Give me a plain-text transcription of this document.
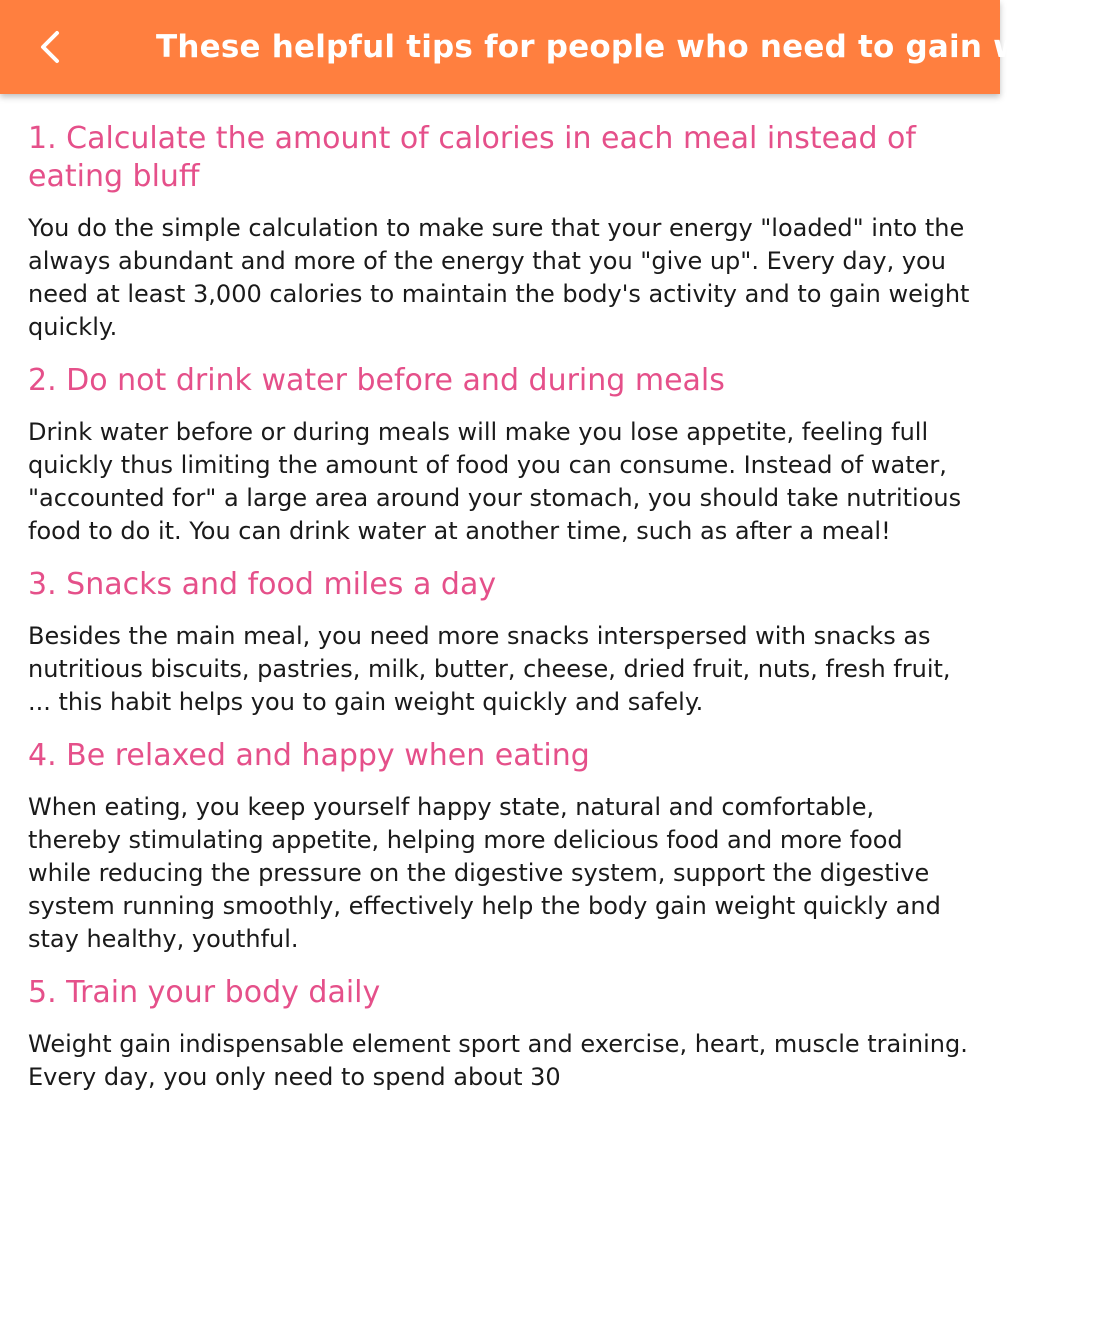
These helpful tips for people who need to gain weight
1. Calculate the amount of calories in each meal instead of eating bluff

You do the simple calculation to make sure that your energy "loaded" into the always abundant and more of the energy that you "give up". Every day, you need at least 3,000 calories to maintain the body's activity and to gain weight quickly.

2. Do not drink water before and during meals

Drink water before or during meals will make you lose appetite, feeling full quickly thus limiting the amount of food you can consume. Instead of water, "accounted for" a large area around your stomach, you should take nutritious food to do it. You can drink water at another time, such as after a meal!

3. Snacks and food miles a day

Besides the main meal, you need more snacks interspersed with snacks as nutritious biscuits, pastries, milk, butter, cheese, dried fruit, nuts, fresh fruit, ... this habit helps you to gain weight quickly and safely.

4. Be relaxed and happy when eating

When eating, you keep yourself happy state, natural and comfortable, thereby stimulating appetite, helping more delicious food and more food while reducing the pressure on the digestive system, support the digestive system running smoothly, effectively help the body gain weight quickly and stay healthy, youthful.

5. Train your body daily

Weight gain indispensable element sport and exercise, heart, muscle training. Every day, you only need to spend about 30
